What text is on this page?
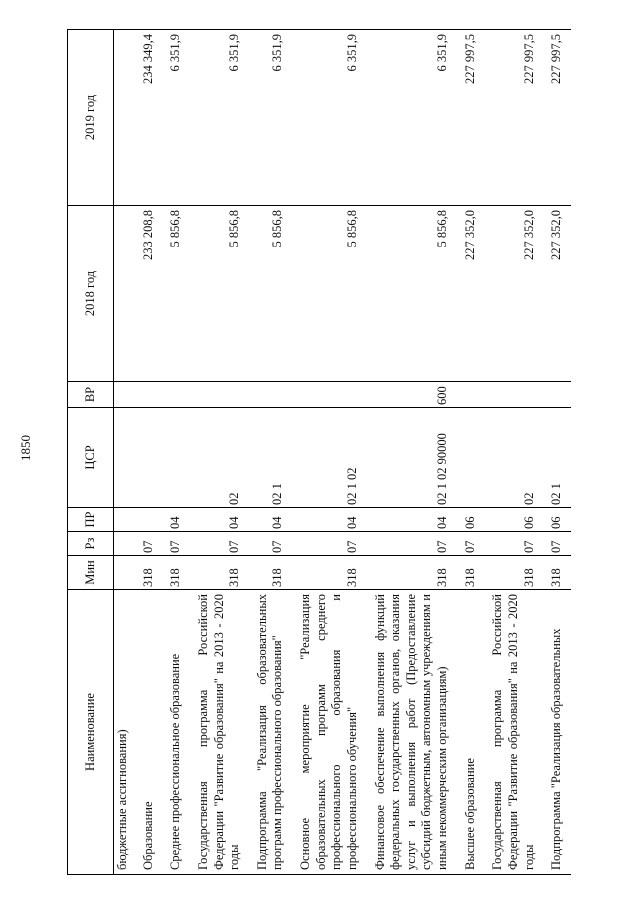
1850
Наименование	Мин	Рз	ПР	ЦСР	ВР	2018 год	2019 год
бюджетные ассигнования)							
Образование	318	07				233 208,8	234 349,4
Среднее профессиональное образование	318	07	04			5 856,8	6 351,9
Государственная программа Российской Федерации "Развитие образования" на 2013 - 2020 годы	318	07	04	02		5 856,8	6 351,9
Подпрограмма "Реализация образовательных программ профессионального образования"	318	07	04	02 1		5 856,8	6 351,9
Основное мероприятие "Реализация образовательных программ среднего профессионального образования и профессионального обучения"	318	07	04	02 1 02		5 856,8	6 351,9
Финансовое обеспечение выполнения функций федеральных государственных органов, оказания услуг и выполнения работ (Предоставление субсидий бюджетным, автономным учреждениям и иным некоммерческим организациям)	318	07	04	02 1 02 90000	600	5 856,8	6 351,9
Высшее образование	318	07	06			227 352,0	227 997,5
Государственная программа Российской Федерации "Развитие образования" на 2013 - 2020 годы	318	07	06	02		227 352,0	227 997,5
Подпрограмма "Реализация образовательных	318	07	06	02 1		227 352,0	227 997,5
